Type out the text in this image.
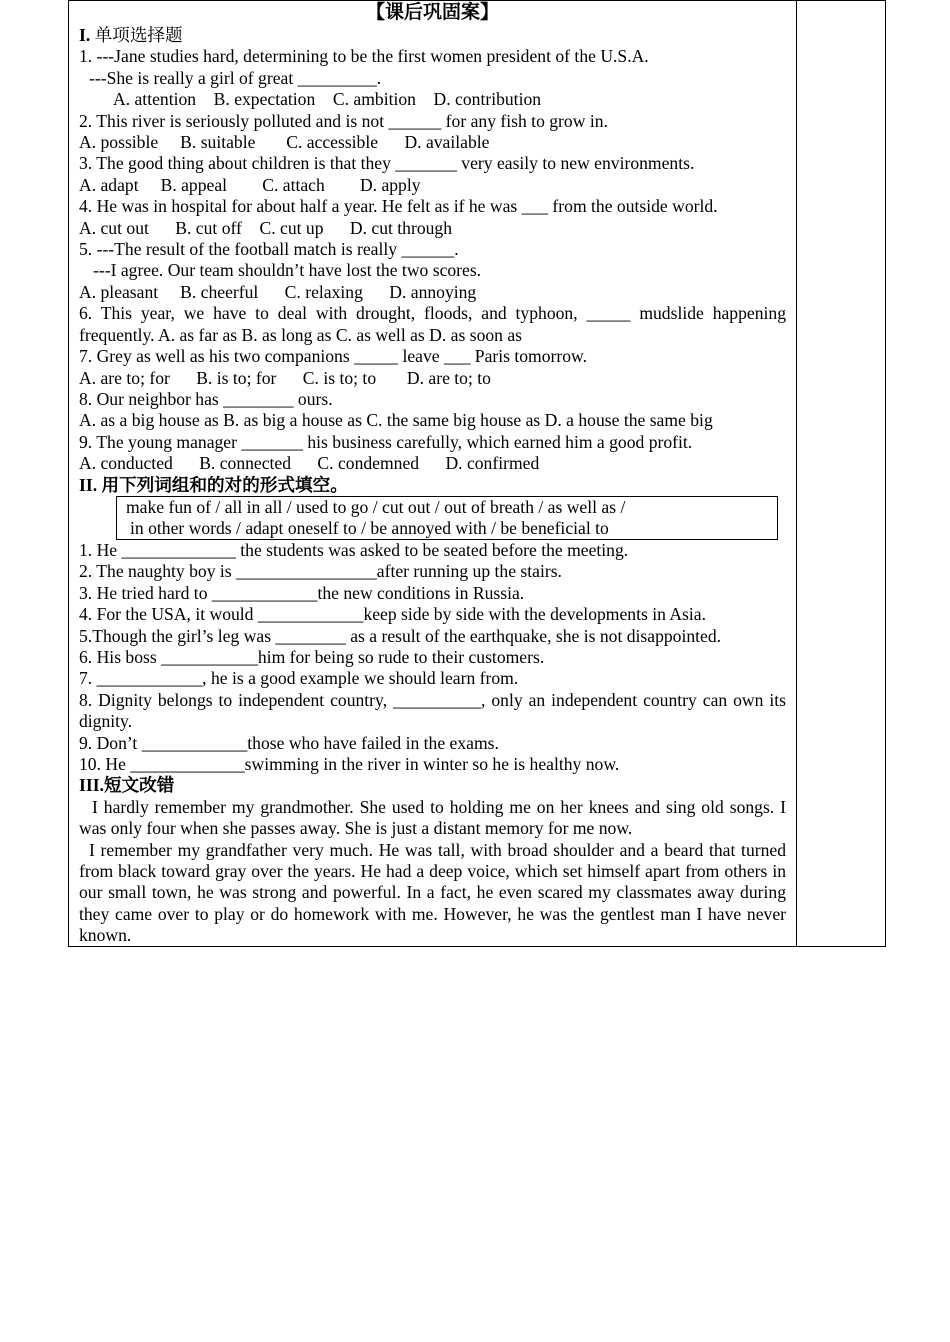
【课后巩固案】
I. 单项选择题
1. ---Jane studies hard, determining to be the first women president of the U.S.A.
---She is really a girl of great _________.
A. attention    B. expectation    C. ambition    D. contribution
2. This river is seriously polluted and is not ______ for any fish to grow in.
A. possible     B. suitable       C. accessible      D. available
3. The good thing about children is that they _______ very easily to new environments.
A. adapt     B. appeal        C. attach        D. apply
4. He was in hospital for about half a year. He felt as if he was ___ from the outside world.
A. cut out      B. cut off    C. cut up      D. cut through
5. ---The result of the football match is really ______.
---I agree. Our team shouldn’t have lost the two scores.
A. pleasant     B. cheerful      C. relaxing      D. annoying
6. This year, we have to deal with drought, floods, and typhoon, _____ mudslide happening frequently. A. as far as B. as long as C. as well as D. as soon as
7. Grey as well as his two companions _____ leave ___ Paris tomorrow.
A. are to; for      B. is to; for      C. is to; to       D. are to; to
8. Our neighbor has ________ ours.
A. as a big house as B. as big a house as C. the same big house as D. a house the same big
9. The young manager _______ his business carefully, which earned him a good profit.
A. conducted      B. connected      C. condemned      D. confirmed
II. 用下列词组和的对的形式填空。
make fun of / all in all / used to go / cut out / out of breath / as well as /
in other words / adapt oneself to / be annoyed with / be beneficial to
1. He _____________ the students was asked to be seated before the meeting.
2. The naughty boy is ________________after running up the stairs.
3. He tried hard to ____________the new conditions in Russia.
4. For the USA, it would ____________keep side by side with the developments in Asia.
5.Though the girl’s leg was ________ as a result of the earthquake, she is not disappointed.
6. His boss ___________him for being so rude to their customers.
7. ____________, he is a good example we should learn from.
8. Dignity belongs to independent country, __________, only an independent country can own its dignity.
9. Don’t ____________those who have failed in the exams.
10. He _____________swimming in the river in winter so he is healthy now.
III.短文改错
I hardly remember my grandmother. She used to holding me on her knees and sing old songs. I was only four when she passes away. She is just a distant memory for me now.
I remember my grandfather very much. He was tall, with broad shoulder and a beard that turned from black toward gray over the years. He had a deep voice, which set himself apart from others in our small town, he was strong and powerful. In a fact, he even scared my classmates away during they came over to play or do homework with me. However, he was the gentlest man I have never known.
